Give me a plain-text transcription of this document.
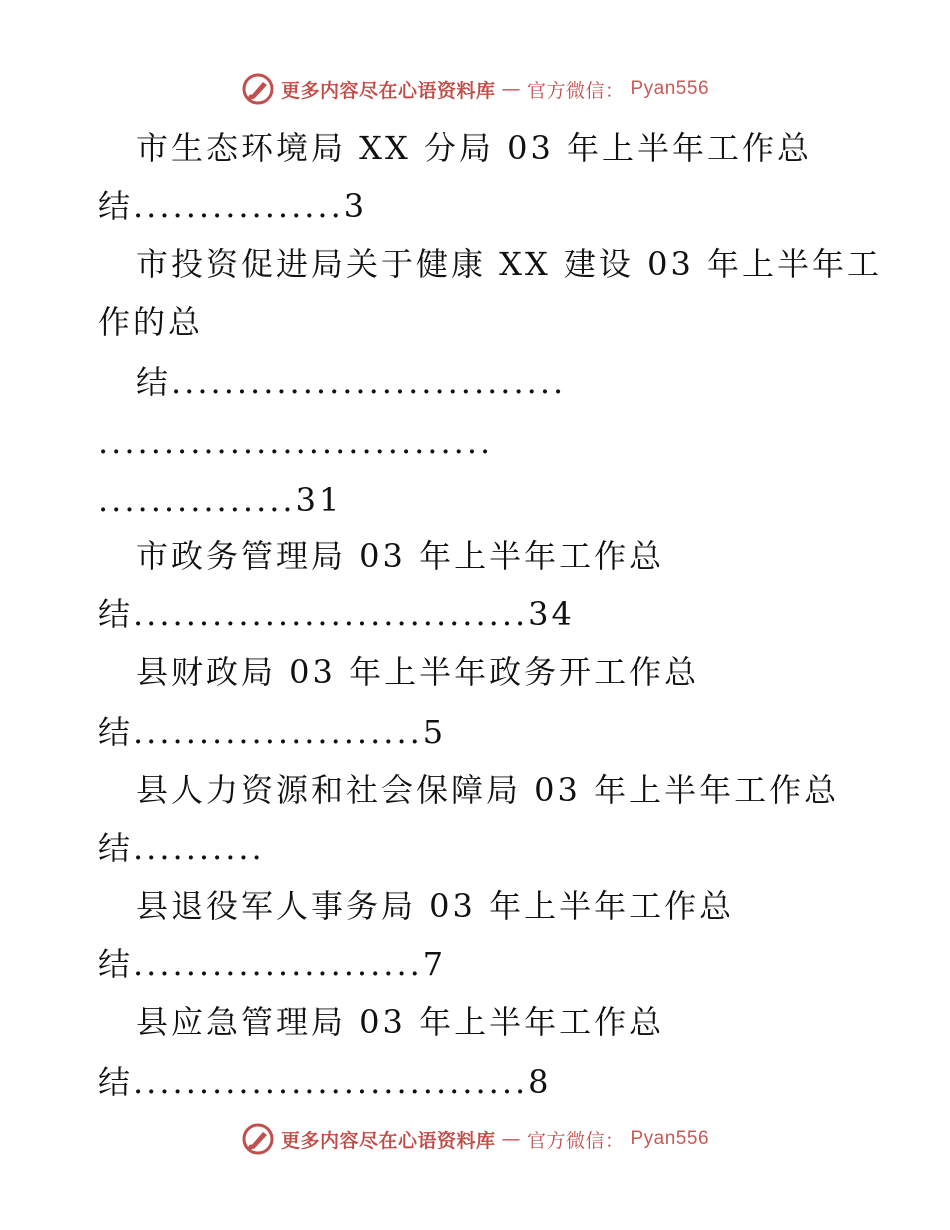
更多内容尽在心语资料库 — 官方微信： Pyan556
市生态环境局 XX 分局 03 年上半年工作总
结................3
市投资促进局关于健康 XX 建设 03 年上半年工
作的总
结..............................
..............................
...............31
市政务管理局 03 年上半年工作总
结..............................34
县财政局 03 年上半年政务开工作总
结......................5
县人力资源和社会保障局 03 年上半年工作总
结..........
县退役军人事务局 03 年上半年工作总
结......................7
县应急管理局 03 年上半年工作总
结..............................8
更多内容尽在心语资料库 — 官方微信： Pyan556
